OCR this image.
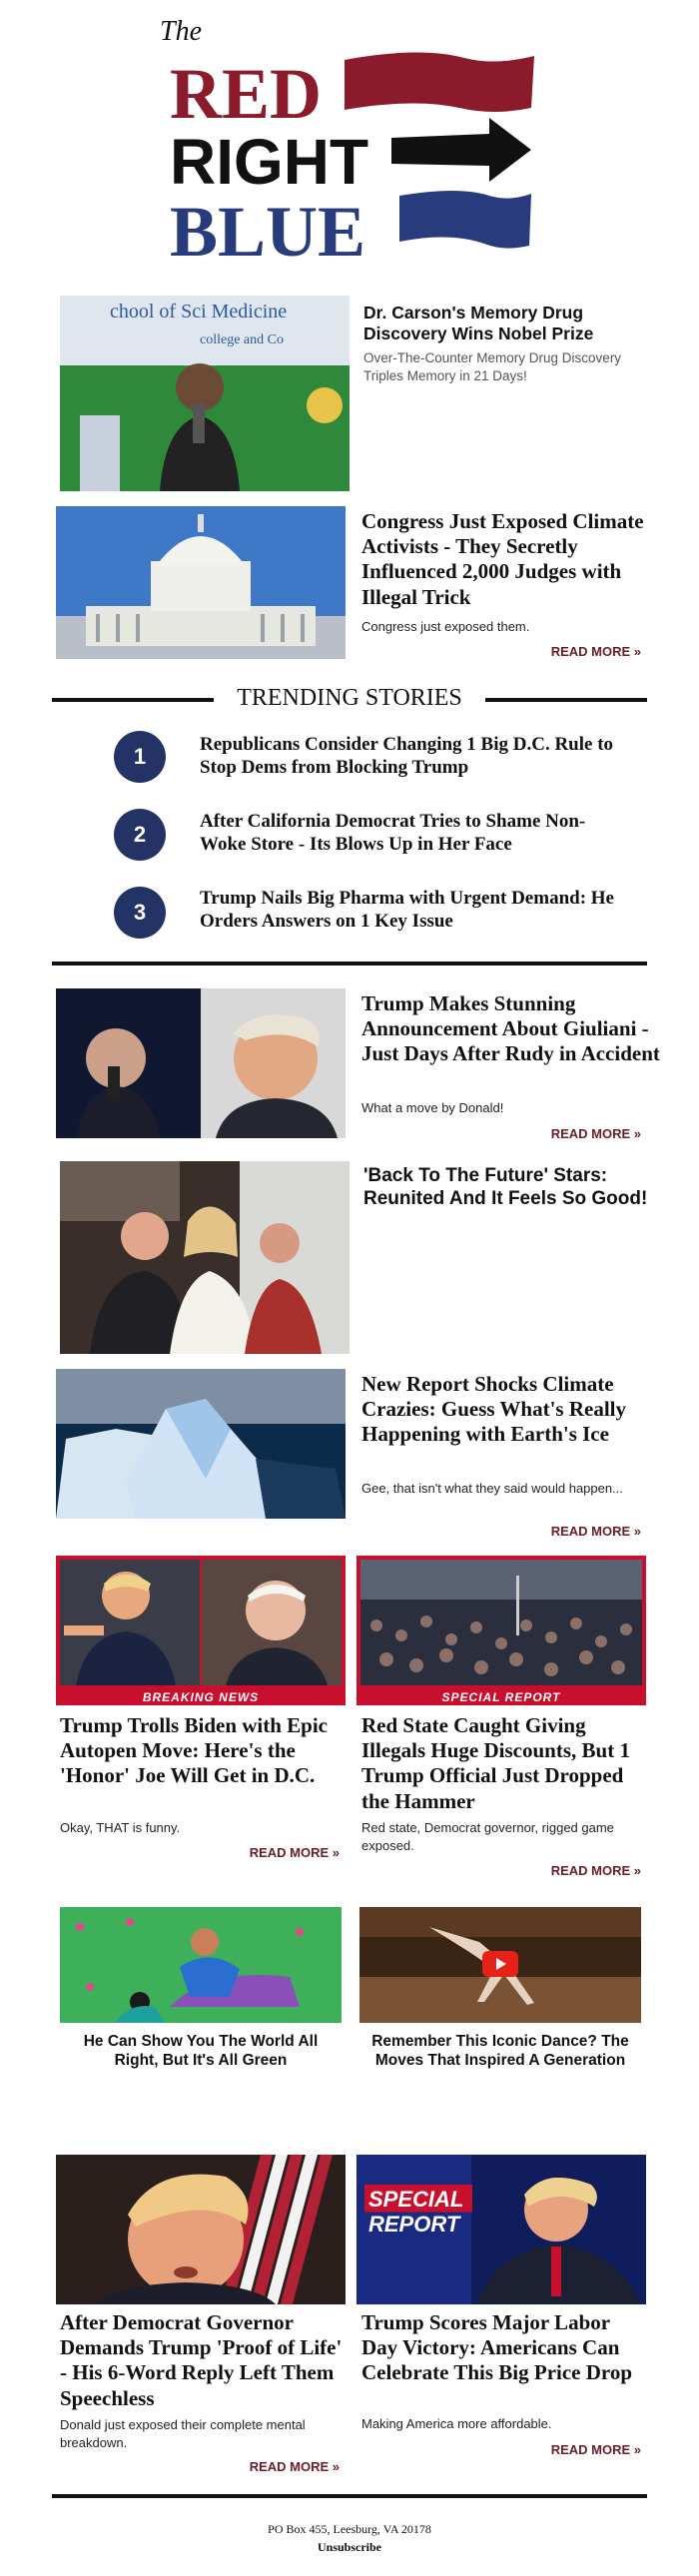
The
RED
RIGHT
BLUE
chool of Sci Medicine
college and Co
Dr. Carson's Memory Drug Discovery Wins Nobel Prize
Over-The-Counter Memory Drug Discovery Triples Memory in 21 Days!
Congress Just Exposed Climate Activists - They Secretly Influenced 2,000 Judges with Illegal Trick
Congress just exposed them.
READ MORE »
TRENDING STORIES
1	Republicans Consider Changing 1 Big D.C. Rule to Stop Dems from Blocking Trump
2
After California Democrat Tries to Shame Non-Woke Store - Its Blows Up in Her Face
3
Trump Nails Big Pharma with Urgent Demand: He Orders Answers on 1 Key Issue
Trump Makes Stunning Announcement About Giuliani - Just Days After Rudy in Accident
What a move by Donald!
READ MORE »
'Back To The Future' Stars: Reunited And It Feels So Good!
New Report Shocks Climate Crazies: Guess What's Really Happening with Earth's Ice
Gee, that isn't what they said would happen...
READ MORE »
BREAKING NEWS
Trump Trolls Biden with Epic Autopen Move: Here's the 'Honor' Joe Will Get in D.C.
Okay, THAT is funny.
READ MORE »
SPECIAL REPORT
Red State Caught Giving Illegals Huge Discounts, But 1 Trump Official Just Dropped the Hammer
Red state, Democrat governor, rigged game exposed.
READ MORE »
He Can Show You The World All Right, But It's All Green
Remember This Iconic Dance? The Moves That Inspired A Generation
After Democrat Governor Demands Trump 'Proof of Life' - His 6-Word Reply Left Them Speechless
Donald just exposed their complete mental breakdown.
READ MORE »
SPECIAL REPORT
Trump Scores Major Labor Day Victory: Americans Can Celebrate This Big Price Drop
Making America more affordable.
READ MORE »
PO Box 455, Leesburg, VA 20178
Unsubscribe
